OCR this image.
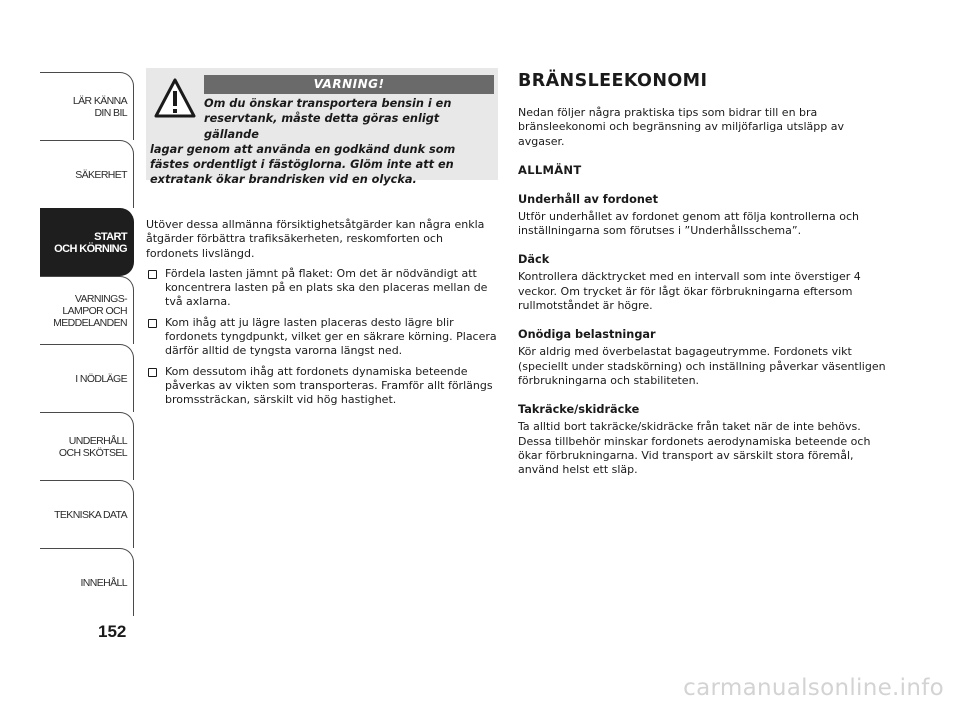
LÄR KÄNNA
DIN BIL
SÄKERHET
START
OCH KÖRNING
VARNINGS-
LAMPOR OCH
MEDDELANDEN
I NÖDLÄGE
UNDERHÅLL
OCH SKÖTSEL
TEKNISKA DATA
INNEHÅLL
152
VARNING!
Om du önskar transportera bensin i en
reservtank, måste detta göras enligt gällande
lagar genom att använda en godkänd dunk som fästes ordentligt i fästöglorna. Glöm inte att en extratank ökar brandrisken vid en olycka.

Utöver dessa allmänna försiktighetsåtgärder kan några enkla åtgärder förbättra trafiksäkerheten, reskomforten och fordonets livslängd.

Fördela lasten jämnt på flaket: Om det är nödvändigt att koncentrera lasten på en plats ska den placeras mellan de två axlarna.
Kom ihåg att ju lägre lasten placeras desto lägre blir fordonets tyngdpunkt, vilket ger en säkrare körning. Placera därför alltid de tyngsta varorna längst ned.
Kom dessutom ihåg att fordonets dynamiska beteende påverkas av vikten som transporteras. Framför allt förlängs bromssträckan, särskilt vid hög hastighet.
BRÄNSLEEKONOMI

Nedan följer några praktiska tips som bidrar till en bra bränsleekonomi och begränsning av miljöfarliga utsläpp av avgaser.

ALLMÄNT
Underhåll av fordonet

Utför underhållet av fordonet genom att följa kontrollerna och inställningarna som förutses i ”Underhållsschema”.

Däck

Kontrollera däcktrycket med en intervall som inte överstiger 4 veckor. Om trycket är för lågt ökar förbrukningarna eftersom rullmotståndet är högre.

Onödiga belastningar

Kör aldrig med överbelastat bagageutrymme. Fordonets vikt (speciellt under stadskörning) och inställning påverkar väsentligen förbrukningarna och stabiliteten.

Takräcke/skidräcke

Ta alltid bort takräcke/skidräcke från taket när de inte behövs. Dessa tillbehör minskar fordonets aerodynamiska beteende och ökar förbrukningarna. Vid transport av särskilt stora föremål, använd helst ett släp.

carmanualsonline.info
